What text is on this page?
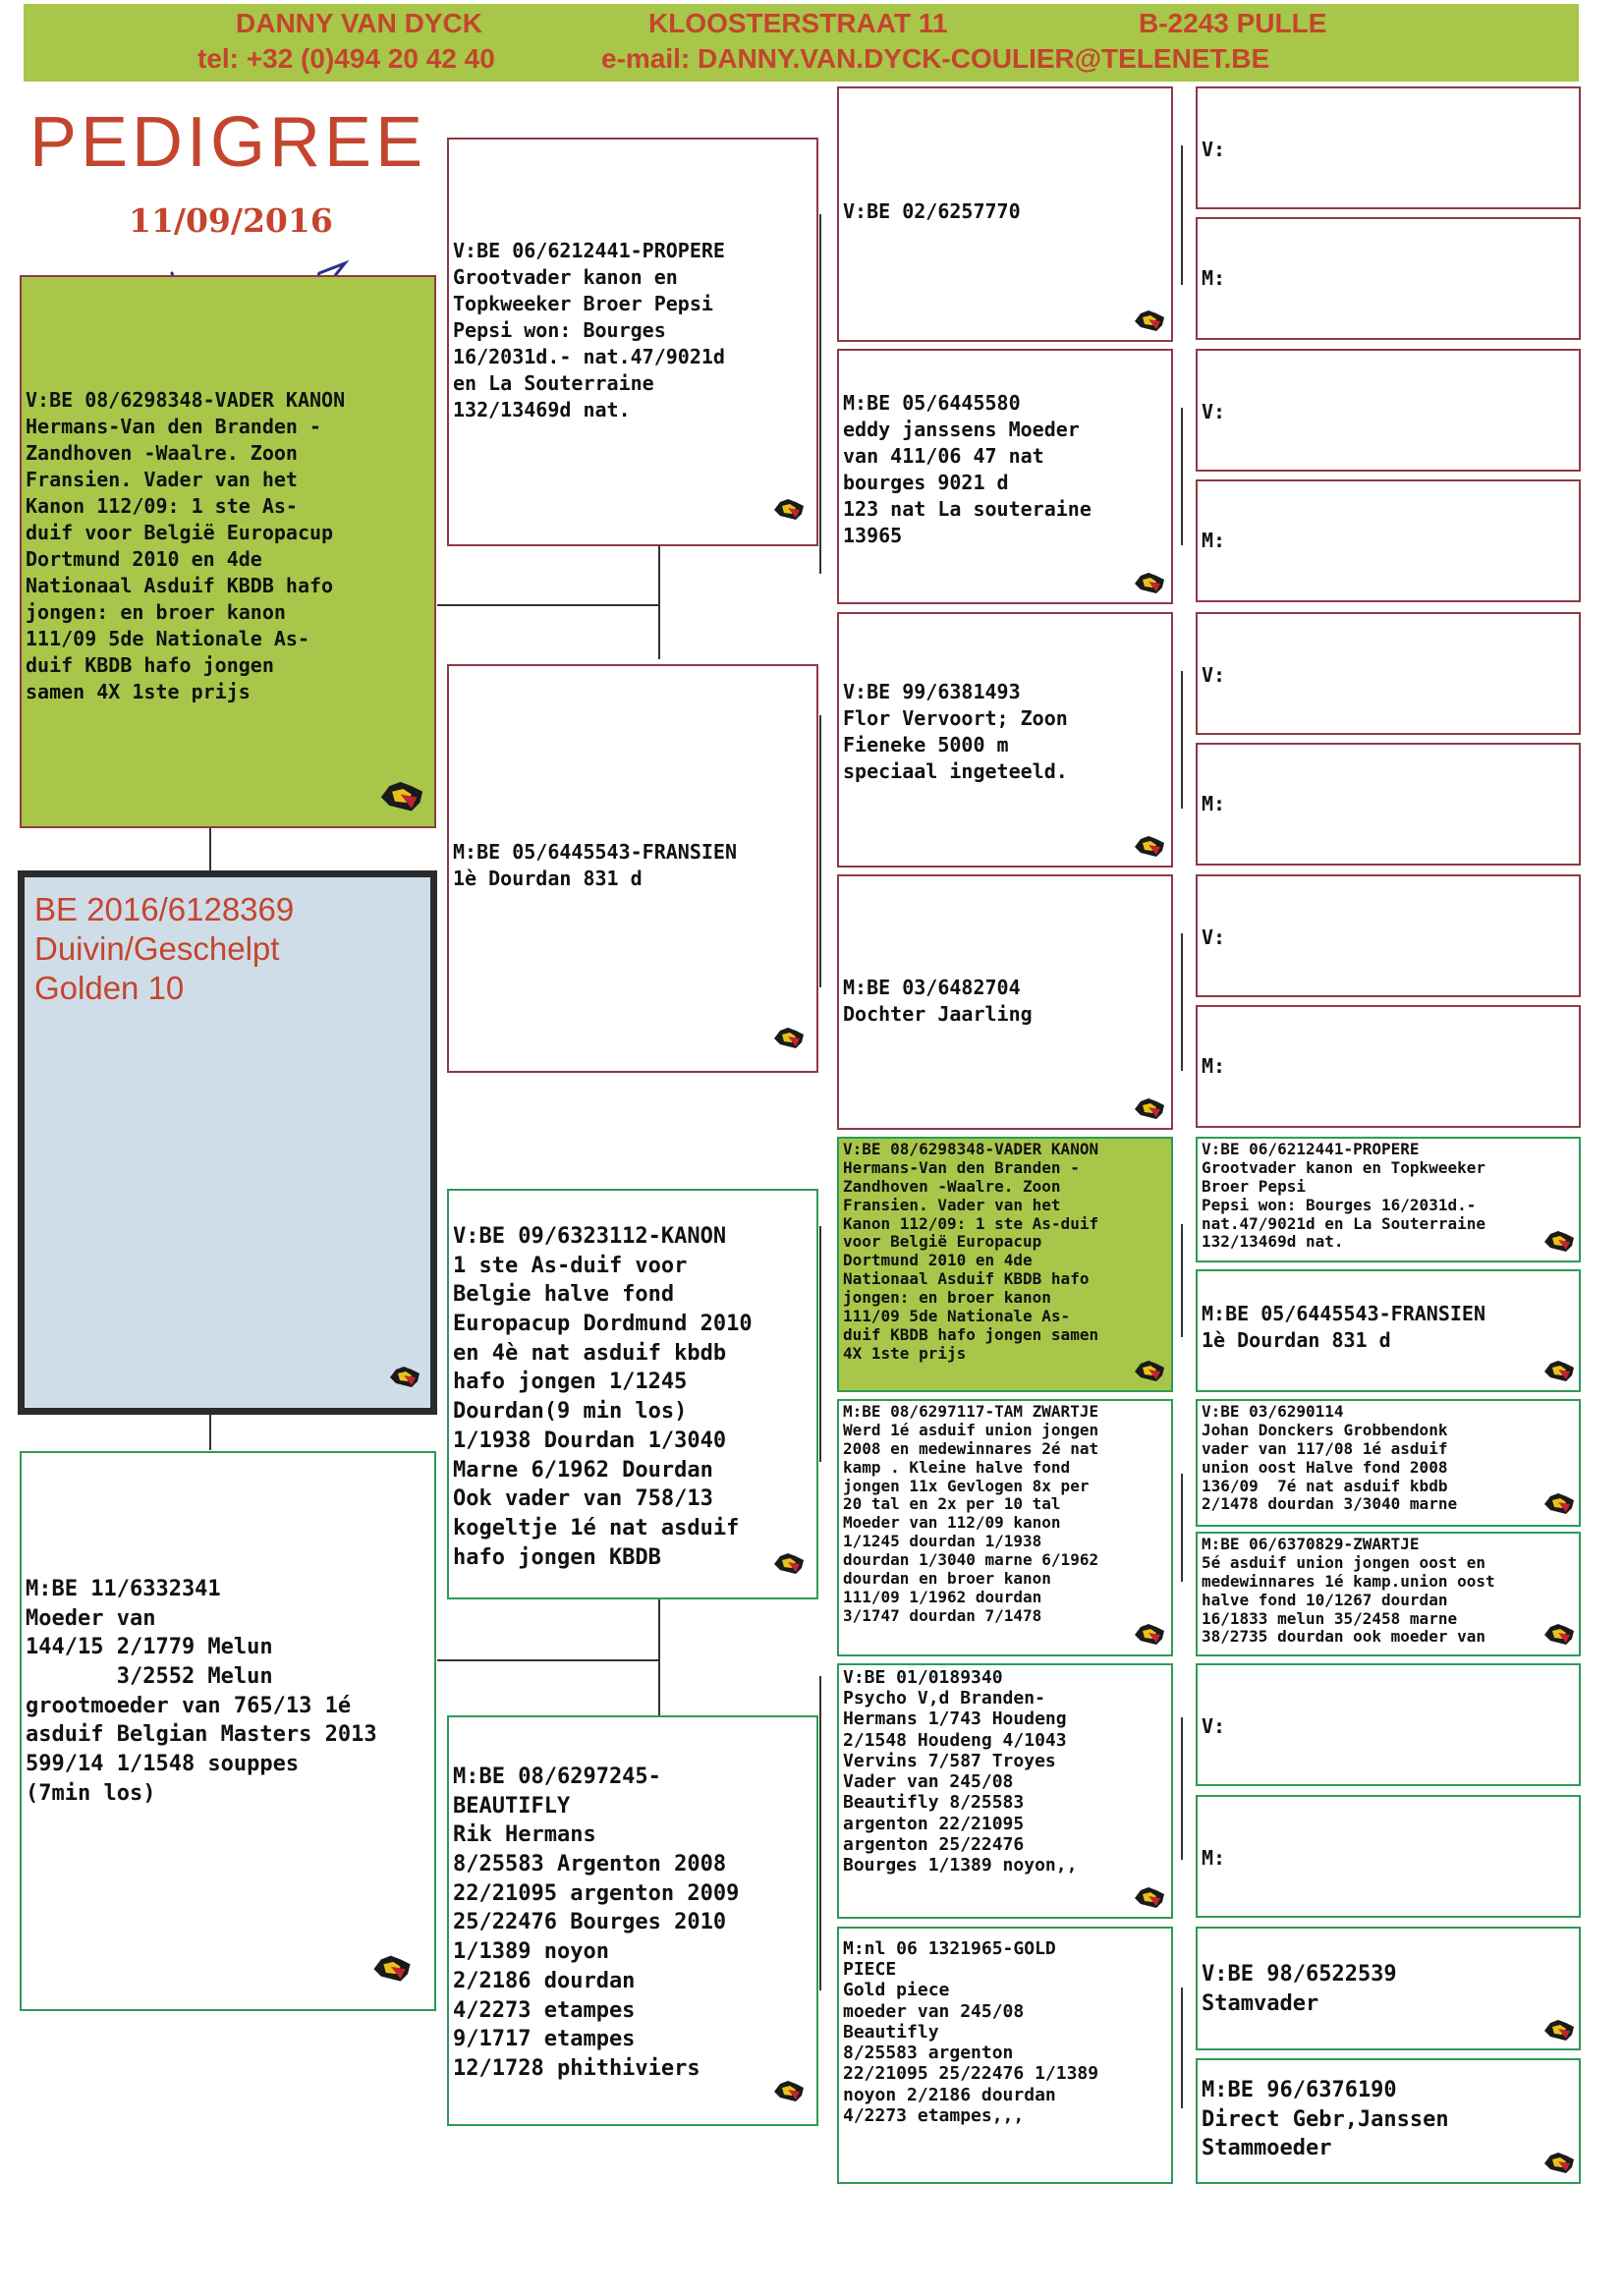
DANNY VAN DYCK	KLOOSTERSTRAAT 11	B-2243 PULLE
tel: +32 (0)494 20 42 40	e-mail: DANNY.VAN.DYCK-COULIER@TELENET.BE
PEDIGREE
11/09/2016
BE 2016/6128369
Duivin/Geschelpt
Golden 10
V:BE 08/6298348-VADER KANON
Hermans-Van den Branden -
Zandhoven -Waalre. Zoon
Fransien. Vader van het
Kanon 112/09: 1 ste As-
duif voor België Europacup
Dortmund 2010 en 4de
Nationaal Asduif KBDB hafo
jongen: en broer kanon
111/09 5de Nationale As-
duif KBDB hafo jongen
samen 4X 1ste prijs
M:BE 11/6332341
Moeder van
144/15 2/1779 Melun
3/2552 Melun
grootmoeder van 765/13 1é
asduif Belgian Masters 2013
599/14 1/1548 souppes
(7min los)
V:BE 06/6212441-PROPERE
Grootvader kanon en
Topkweeker Broer Pepsi
Pepsi won: Bourges
16/2031d.- nat.47/9021d
en La Souterraine
132/13469d nat.
M:BE 05/6445543-FRANSIEN
1è Dourdan 831 d
V:BE 09/6323112-KANON
1 ste As-duif voor
Belgie halve fond
Europacup Dordmund 2010
en 4è nat asduif kbdb
hafo jongen 1/1245
Dourdan(9 min los)
1/1938 Dourdan 1/3040
Marne 6/1962 Dourdan
Ook vader van 758/13
kogeltje 1é nat asduif
hafo jongen KBDB
M:BE 08/6297245-
BEAUTIFLY
Rik Hermans
8/25583 Argenton 2008
22/21095 argenton 2009
25/22476 Bourges 2010
1/1389 noyon
2/2186 dourdan
4/2273 etampes
9/1717 etampes
12/1728 phithiviers
V:BE 02/6257770
M:BE 05/6445580
eddy janssens Moeder
van 411/06 47 nat
bourges 9021 d
123 nat La souteraine
13965
V:BE 99/6381493
Flor Vervoort; Zoon
Fieneke 5000 m
speciaal ingeteeld.
M:BE 03/6482704
Dochter Jaarling
V:BE 08/6298348-VADER KANON
Hermans-Van den Branden -
Zandhoven -Waalre. Zoon
Fransien. Vader van het
Kanon 112/09: 1 ste As-duif
voor België Europacup
Dortmund 2010 en 4de
Nationaal Asduif KBDB hafo
jongen: en broer kanon
111/09 5de Nationale As-
duif KBDB hafo jongen samen
4X 1ste prijs
M:BE 08/6297117-TAM ZWARTJE
Werd 1é asduif union jongen
2008 en medewinnares 2é nat
kamp . Kleine halve fond
jongen 11x Gevlogen 8x per
20 tal en 2x per 10 tal
Moeder van 112/09 kanon
1/1245 dourdan 1/1938
dourdan 1/3040 marne 6/1962
dourdan en broer kanon
111/09 1/1962 dourdan
3/1747 dourdan 7/1478
V:BE 01/0189340
Psycho V,d Branden-
Hermans 1/743 Houdeng
2/1548 Houdeng 4/1043
Vervins 7/587 Troyes
Vader van 245/08
Beautifly 8/25583
argenton 22/21095
argenton 25/22476
Bourges 1/1389 noyon,,
M:nl 06 1321965-GOLD
PIECE
Gold piece
moeder van 245/08
Beautifly
8/25583 argenton
22/21095 25/22476 1/1389
noyon 2/2186 dourdan
4/2273 etampes,,,
V:
M:
V:
M:
V:
M:
V:
M:
V:BE 06/6212441-PROPERE
Grootvader kanon en Topkweeker
Broer Pepsi
Pepsi won: Bourges 16/2031d.-
nat.47/9021d en La Souterraine
132/13469d nat.
M:BE 05/6445543-FRANSIEN
1è Dourdan 831 d
V:BE 03/6290114
Johan Donckers Grobbendonk
vader van 117/08 1é asduif
union oost Halve fond 2008
136/09  7é nat asduif kbdb
2/1478 dourdan 3/3040 marne
M:BE 06/6370829-ZWARTJE
5é asduif union jongen oost en
medewinnares 1é kamp.union oost
halve fond 10/1267 dourdan
16/1833 melun 35/2458 marne
38/2735 dourdan ook moeder van
V:
M:
V:BE 98/6522539
Stamvader
M:BE 96/6376190
Direct Gebr,Janssen
Stammoeder
